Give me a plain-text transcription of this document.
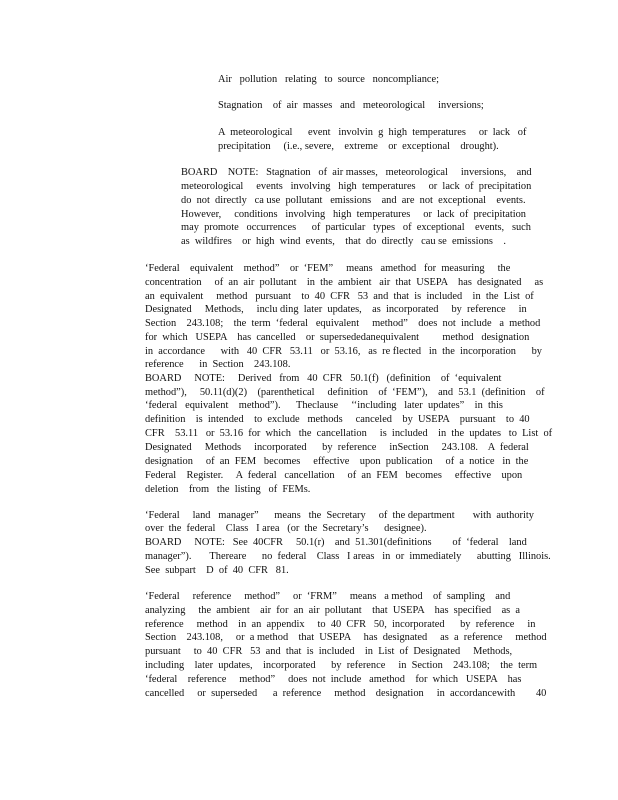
Air   pollution   relating   to  source   noncompliance;
Stagnation    of  air  masses   and   meteorological     inversions;
A  meteorological      event   involvin  g  high  temperatures     or  lack   of
precipitation     (i.e., severe,    extreme    or  exceptional    drought).
BOARD    NOTE:   Stagnation   of  air masses,   meteorological     inversions,    and
meteorological     events   involving   high  temperatures     or  lack  of  precipitation
do  not  directly   ca use  pollutant   emissions    and  are  not  exceptional    events.
However,     conditions   involving   high  temperatures     or  lack  of  precipitation
may  promote   occurrences      of  particular   types   of  exceptional    events,   such
as  wildfires    or  high  wind  events,    that  do  directly   cau se  emissions    .
‘Federal    equivalent    method”    or  ‘FEM”     means   amethod   for  measuring     the
concentration     of  an  air  pollutant    in  the  ambient   air  that  USEPA    has  designated     as
an  equivalent     method   pursuant    to  40  CFR   53  and  that  is  included    in  the  List  of
Designated     Methods,     inclu ding  later  updates,    as  incorporated     by  reference     in
Section    243.108;    the  term  ‘federal   equivalent     method”    does  not  include   a  method
for  which   USEPA    has  cancelled    or  supersededanequivalent         method   designation
in  accordance      with   40  CFR   53.11   or  53.16,   as  re flected   in  the  incorporation      by
reference      in  Section    243.108.
BOARD     NOTE:     Derived   from   40  CFR   50.1(f)   (definition    of  ‘equivalent
method”),     50.11(d)(2)    (parenthetical     definition    of  ‘FEM”),    and  53.1  (definition    of
‘federal   equivalent    method”).      Theclause     ‘‘including   later  updates”    in  this
definition    is  intended    to  exclude   methods     canceled    by  USEPA    pursuant    to  40
CFR    53.11   or  53.16  for  which   the  cancellation     is  included    in  the  updates   to  List  of
Designated     Methods     incorporated      by  reference     inSection     243.108.    A  federal
designation     of  an  FEM   becomes     effective    upon  publication     of  a  notice   in  the
Federal    Register.     A  federal   cancellation     of  an  FEM   becomes     effective    upon
deletion    from   the  listing   of  FEMs.
‘Federal     land   manager”      means   the  Secretary     of  the department       with  authority
over  the  federal    Class   I area   (or  the  Secretary’s      designee).
BOARD     NOTE:   See  40CFR     50.1(r)    and  51.301(definitions        of  ‘federal    land
manager”).       Thereare      no  federal    Class   I areas   in  or  immediately      abutting   Illinois.
See  subpart    D  of  40  CFR   81.
‘Federal     reference     method”     or  ‘FRM”     means   a method    of  sampling    and
analyzing     the  ambient    air  for  an  air  pollutant    that  USEPA    has  specified    as  a
reference     method    in  an  appendix     to  40  CFR   50,  incorporated      by  reference     in
Section    243.108,     or  a method    that  USEPA     has  designated     as  a  reference     method
pursuant     to  40  CFR   53  and  that  is  included    in  List  of  Designated     Methods,
including    later  updates,    incorporated      by  reference     in  Section    243.108;    the  term
‘federal    reference     method”     does  not  include   amethod    for  which   USEPA    has
cancelled     or  superseded      a  reference     method    designation     in  accordancewith        40
